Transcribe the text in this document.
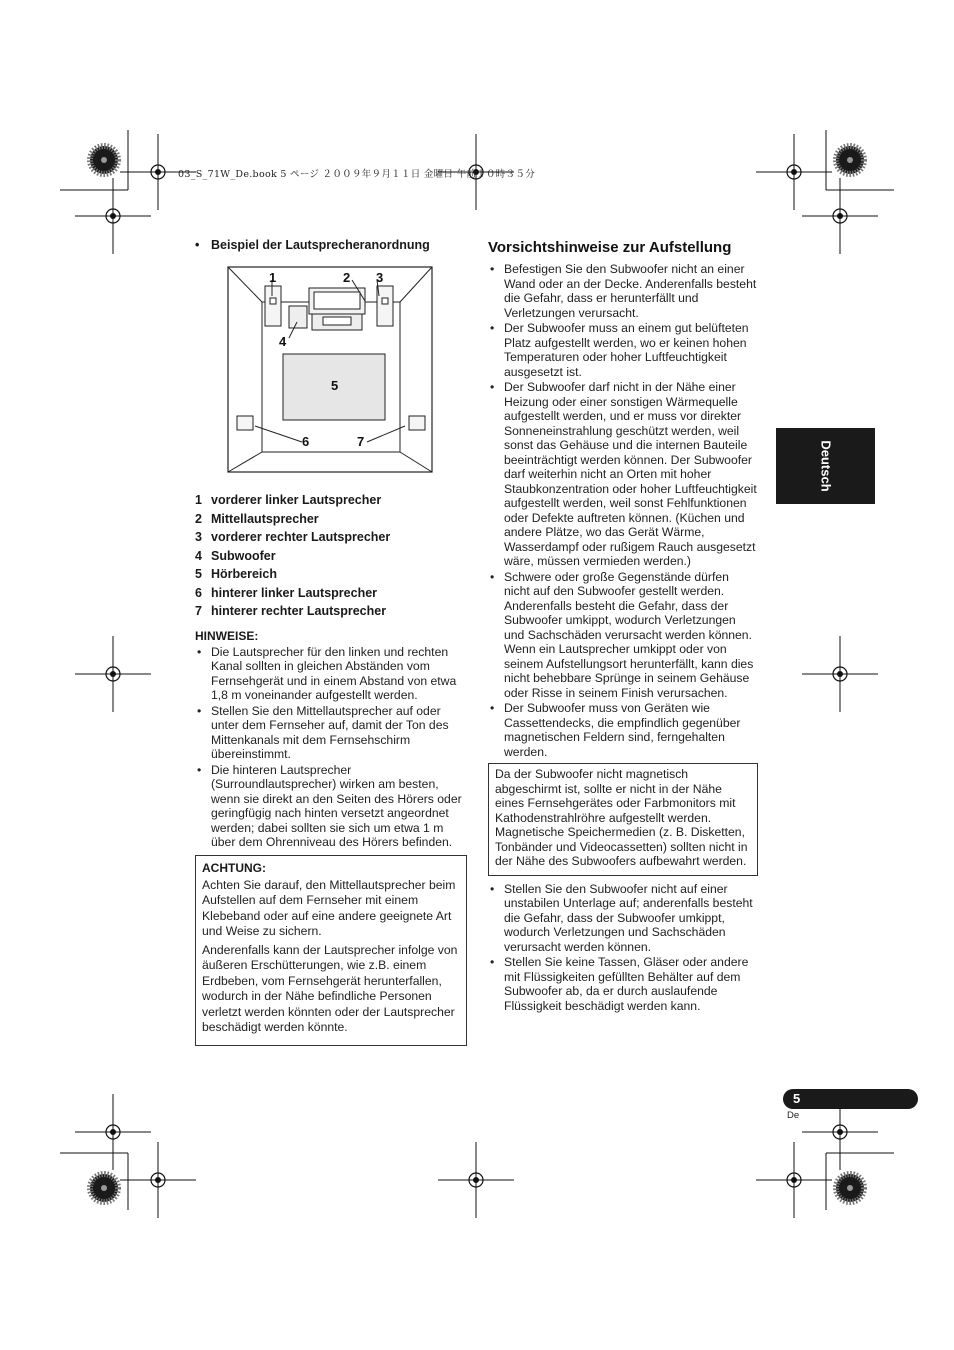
03_S_71W_De.book 5 ページ ２００９年９月１１日 金曜日 午前１０時３５分
• Beispiel der Lautsprecheranordnung
1	2 3
4
5
6	7
1 vorderer linker Lautsprecher
2 Mittellautsprecher
3 vorderer rechter Lautsprecher
4 Subwoofer
5 Hörbereich
6 hinterer linker Lautsprecher
7 hinterer rechter Lautsprecher
HINWEISE:
• Die Lautsprecher für den linken und rechten Kanal sollten in gleichen Abständen vom Fernsehgerät und in einem Abstand von etwa 1,8 m voneinander aufgestellt werden.
• Stellen Sie den Mittellautsprecher auf oder unter dem Fernseher auf, damit der Ton des Mittenkanals mit dem Fernsehschirm übereinstimmt.
• Die hinteren Lautsprecher (Surroundlautsprecher) wirken am besten, wenn sie direkt an den Seiten des Hörers oder geringfügig nach hinten versetzt angeordnet werden; dabei sollten sie sich um etwa 1 m über dem Ohrenniveau des Hörers befinden.
ACHTUNG:

Achten Sie darauf, den Mittellautsprecher beim Aufstellen auf dem Fernseher mit einem Klebeband oder auf eine andere geeignete Art und Weise zu sichern.

Anderenfalls kann der Lautsprecher infolge von äußeren Erschütterungen, wie z.B. einem Erdbeben, vom Fernsehgerät herunterfallen, wodurch in der Nähe befindliche Personen verletzt werden könnten oder der Lautsprecher beschädigt werden könnte.

Vorsichtshinweise zur Aufstellung
• Befestigen Sie den Subwoofer nicht an einer Wand oder an der Decke. Anderenfalls besteht die Gefahr, dass er herunterfällt und Verletzungen verursacht.
• Der Subwoofer muss an einem gut belüfteten Platz aufgestellt werden, wo er keinen hohen Temperaturen oder hoher Luftfeuchtigkeit ausgesetzt ist.
• Der Subwoofer darf nicht in der Nähe einer Heizung oder einer sonstigen Wärmequelle aufgestellt werden, und er muss vor direkter Sonneneinstrahlung geschützt werden, weil sonst das Gehäuse und die internen Bauteile beeinträchtigt werden können. Der Subwoofer darf weiterhin nicht an Orten mit hoher Staubkonzentration oder hoher Luftfeuchtigkeit aufgestellt werden, weil sonst Fehlfunktionen oder Defekte auftreten können. (Küchen und andere Plätze, wo das Gerät Wärme, Wasserdampf oder rußigem Rauch ausgesetzt wäre, müssen vermieden werden.)
• Schwere oder große Gegenstände dürfen nicht auf den Subwoofer gestellt werden. Anderenfalls besteht die Gefahr, dass der Subwoofer umkippt, wodurch Verletzungen und Sachschäden verursacht werden können. Wenn ein Lautsprecher umkippt oder von seinem Aufstellungsort herunterfällt, kann dies nicht behebbare Sprünge in seinem Gehäuse oder Risse in seinem Finish verursachen.
• Der Subwoofer muss von Geräten wie Cassettendecks, die empfindlich gegenüber magnetischen Feldern sind, ferngehalten werden.

Da der Subwoofer nicht magnetisch abgeschirmt ist, sollte er nicht in der Nähe eines Fernsehgerätes oder Farbmonitors mit Kathodenstrahlröhre aufgestellt werden. Magnetische Speichermedien (z. B. Disketten, Tonbänder und Videocassetten) sollten nicht in der Nähe des Subwoofers aufbewahrt werden.

• Stellen Sie den Subwoofer nicht auf einer unstabilen Unterlage auf; anderenfalls besteht die Gefahr, dass der Subwoofer umkippt, wodurch Verletzungen und Sachschäden verursacht werden können.
• Stellen Sie keine Tassen, Gläser oder andere mit Flüssigkeiten gefüllten Behälter auf dem Subwoofer ab, da er durch auslaufende Flüssigkeit beschädigt werden kann.
Deutsch
5
De
